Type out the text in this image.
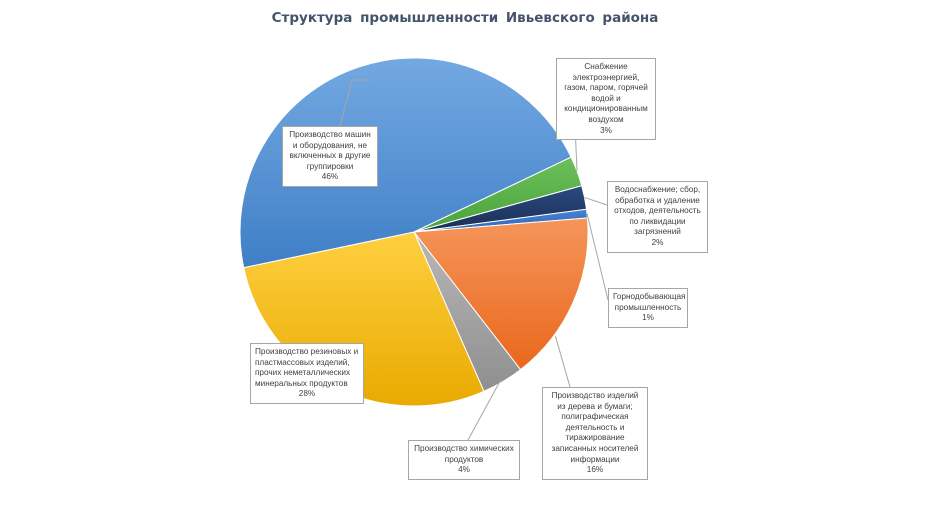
Структура промышленности Ивьевского района
Снабжение электроэнергией, газом, паром, горячей водой и кондиционированным воздухом
3%
Водоснабжение; сбор, обработка и удаление отходов, деятельность по ликвидации загрязнений
2%
Горнодобывающая промышленность
1%
Производство изделий из дерева и бумаги; полиграфическая деятельность и тиражирование записанных носителей информации
16%
Производство химических продуктов
4%
Производство резиновых и пластмассовых изделий, прочих неметаллических минеральных продуктов
28%
Производство машин и оборудования, не включенных в другие группировки
46%
